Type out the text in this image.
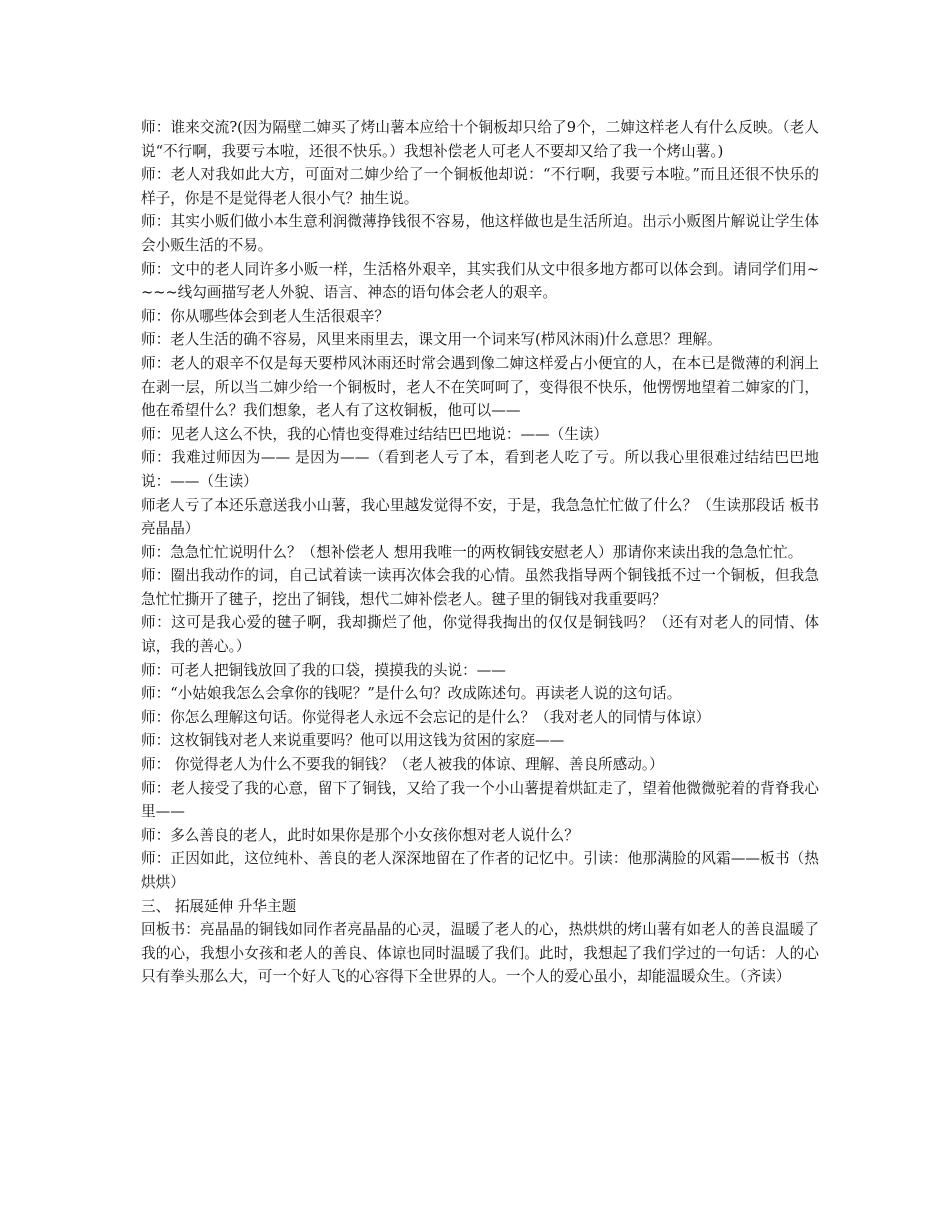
师：谁来交流?(因为隔壁二婶买了烤山薯本应给十个铜板却只给了9个，二婶这样老人有什么反映。（老人说“不行啊，我要亏本啦，还很不快乐。）我想补偿老人可老人不要却又给了我一个烤山薯。)

师：老人对我如此大方，可面对二婶少给了一个铜板他却说：“不行啊，我要亏本啦。”而且还很不快乐的样子，你是不是觉得老人很小气？抽生说。

师：其实小贩们做小本生意利润微薄挣钱很不容易，他这样做也是生活所迫。出示小贩图片解说让学生体会小贩生活的不易。

师：文中的老人同许多小贩一样，生活格外艰辛，其实我们从文中很多地方都可以体会到。请同学们用~~~~线勾画描写老人外貌、语言、神态的语句体会老人的艰辛。

师：你从哪些体会到老人生活很艰辛？

师：老人生活的确不容易，风里来雨里去，课文用一个词来写(栉风沐雨)什么意思？理解。

师：老人的艰辛不仅是每天要栉风沐雨还时常会遇到像二婶这样爱占小便宜的人，在本已是微薄的利润上在剥一层，所以当二婶少给一个铜板时，老人不在笑呵呵了，变得很不快乐，他愣愣地望着二婶家的门，他在希望什么？我们想象，老人有了这枚铜板，他可以——

师：见老人这么不快，我的心情也变得难过结结巴巴地说：——（生读）

师：我难过师因为—— 是因为——（看到老人亏了本，看到老人吃了亏。所以我心里很难过结结巴巴地说：——（生读）

师老人亏了本还乐意送我小山薯，我心里越发觉得不安，于是，我急急忙忙做了什么？（生读那段话 板书 亮晶晶）

师：急急忙忙说明什么？（想补偿老人 想用我唯一的两枚铜钱安慰老人）那请你来读出我的急急忙忙。

师：圈出我动作的词，自己试着读一读再次体会我的心情。虽然我指导两个铜钱抵不过一个铜板，但我急急忙忙撕开了毽子，挖出了铜钱，想代二婶补偿老人。毽子里的铜钱对我重要吗？

师：这可是我心爱的毽子啊，我却撕烂了他，你觉得我掏出的仅仅是铜钱吗？（还有对老人的同情、体谅，我的善心。）

师：可老人把铜钱放回了我的口袋，摸摸我的头说：——

师：“小姑娘我怎么会拿你的钱呢？”是什么句？改成陈述句。再读老人说的这句话。

师：你怎么理解这句话。你觉得老人永远不会忘记的是什么？（我对老人的同情与体谅）

师：这枚铜钱对老人来说重要吗？他可以用这钱为贫困的家庭——

师： 你觉得老人为什么不要我的铜钱？（老人被我的体谅、理解、善良所感动。）

师：老人接受了我的心意，留下了铜钱，又给了我一个小山薯提着烘缸走了，望着他微微驼着的背脊我心里——

师：多么善良的老人，此时如果你是那个小女孩你想对老人说什么？

师：正因如此，这位纯朴、善良的老人深深地留在了作者的记忆中。引读：他那满脸的风霜——板书（热烘烘）

三、 拓展延伸 升华主题

回板书：亮晶晶的铜钱如同作者亮晶晶的心灵，温暖了老人的心，热烘烘的烤山薯有如老人的善良温暖了我的心，我想小女孩和老人的善良、体谅也同时温暖了我们。此时，我想起了我们学过的一句话：人的心只有拳头那么大，可一个好人飞的心容得下全世界的人。一个人的爱心虽小，却能温暖众生。（齐读）
